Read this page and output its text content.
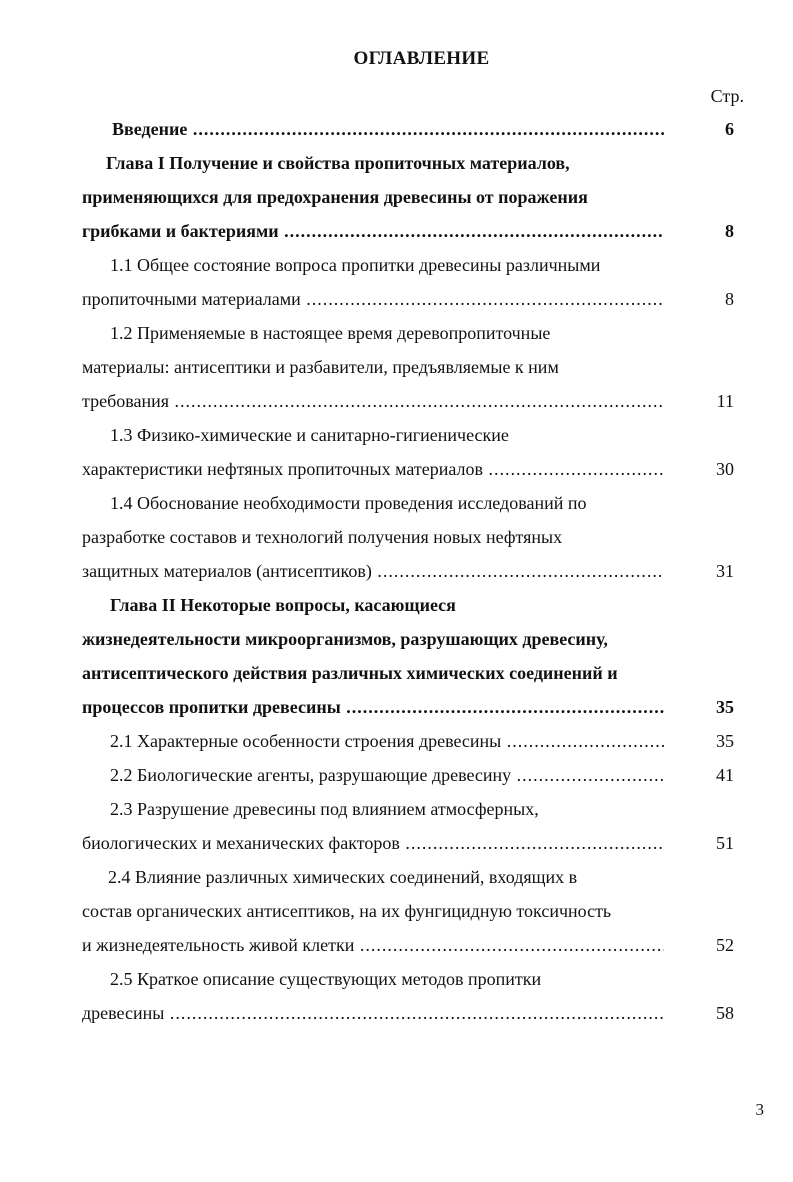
ОГЛАВЛЕНИЕ
Стр.
Введение .....	6
Глава I Получение и свойства пропиточных материалов,
применяющихся для предохранения древесины от поражения
грибками и бактериями .....	8
1.1 Общее состояние вопроса пропитки древесины различными
пропиточными материалами .....	8
1.2 Применяемые в настоящее время деревопропиточные
материалы: антисептики и разбавители, предъявляемые к ним
требования .....	11
1.3 Физико-химические и санитарно-гигиенические
характеристики нефтяных пропиточных материалов .....	30
1.4 Обоснование необходимости проведения исследований по
разработке составов и технологий получения новых нефтяных
защитных материалов (антисептиков) .....	31
Глава II Некоторые вопросы, касающиеся
жизнедеятельности микроорганизмов, разрушающих древесину,
антисептического действия различных химических соединений и
процессов пропитки древесины .....	35
2.1 Характерные особенности строения древесины .....	35
2.2 Биологические агенты, разрушающие древесину .....	41
2.3 Разрушение древесины под влиянием атмосферных,
биологических и механических факторов .....	51
2.4 Влияние различных химических соединений, входящих в
состав органических антисептиков, на их фунгицидную токсичность
и жизнедеятельность живой клетки .....	52
2.5 Краткое описание существующих методов пропитки
древесины .....	58
3
